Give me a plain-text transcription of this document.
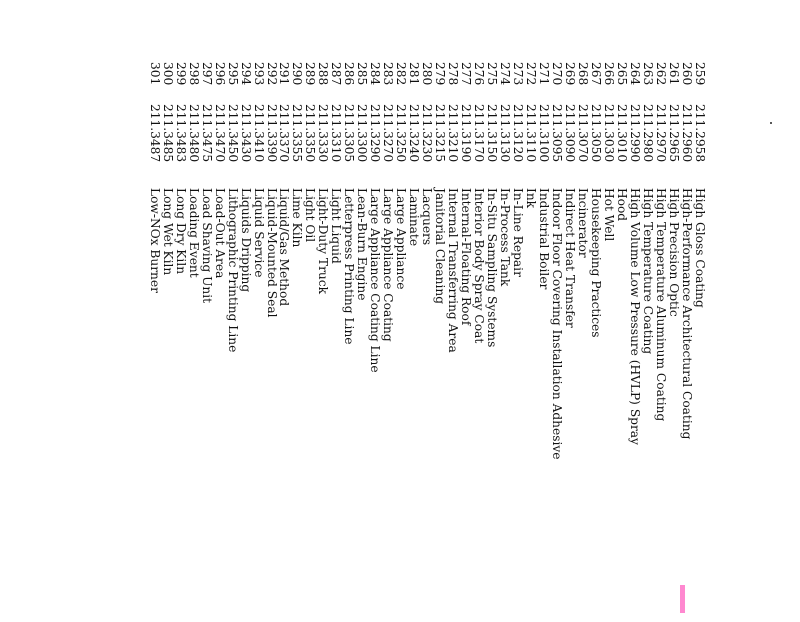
259
211.2958
High Gloss Coating
260
211.2960
High-Performance Architectural Coating
261
211.2965
High Precision Optic
262
211.2970
High Temperature Aluminum Coating
263
211.2980
High Temperature Coating
264
211.2990
High Volume Low Pressure (HVLP) Spray
265
211.3010
Hood
266
211.3030
Hot Well
267
211.3050
Housekeeping Practices
268
211.3070
Incinerator
269
211.3090
Indirect Heat Transfer
270
211.3095
Indoor Floor Covering Installation Adhesive
271
211.3100
Industrial Boiler
272
211.3110
Ink
273
211.3120
In-Line Repair
274
211.3130
In-Process Tank
275
211.3150
In-Situ Sampling Systems
276
211.3170
Interior Body Spray Coat
277
211.3190
Internal-Floating Roof
278
211.3210
Internal Transferring Area
279
211.3215
Janitorial Cleaning
280
211.3230
Lacquers
281
211.3240
Laminate
282
211.3250
Large Appliance
283
211.3270
Large Appliance Coating
284
211.3290
Large Appliance Coating Line
285
211.3300
Lean-Burn Engine
286
211.3305
Letterpress Printing Line
287
211.3310
Light Liquid
288
211.3330
Light-Duty Truck
289
211.3350
Light Oil
290
211.3355
Lime Kiln
291
211.3370
Liquid/Gas Method
292
211.3390
Liquid-Mounted Seal
293
211.3410
Liquid Service
294
211.3430
Liquids Dripping
295
211.3450
Lithographic Printing Line
296
211.3470
Load-Out Area
297
211.3475
Load Shaving Unit
298
211.3480
Loading Event
299
211.3483
Long Dry Kiln
300
211.3485
Long Wet Kiln
301
211.3487
Low-NOx Burner
